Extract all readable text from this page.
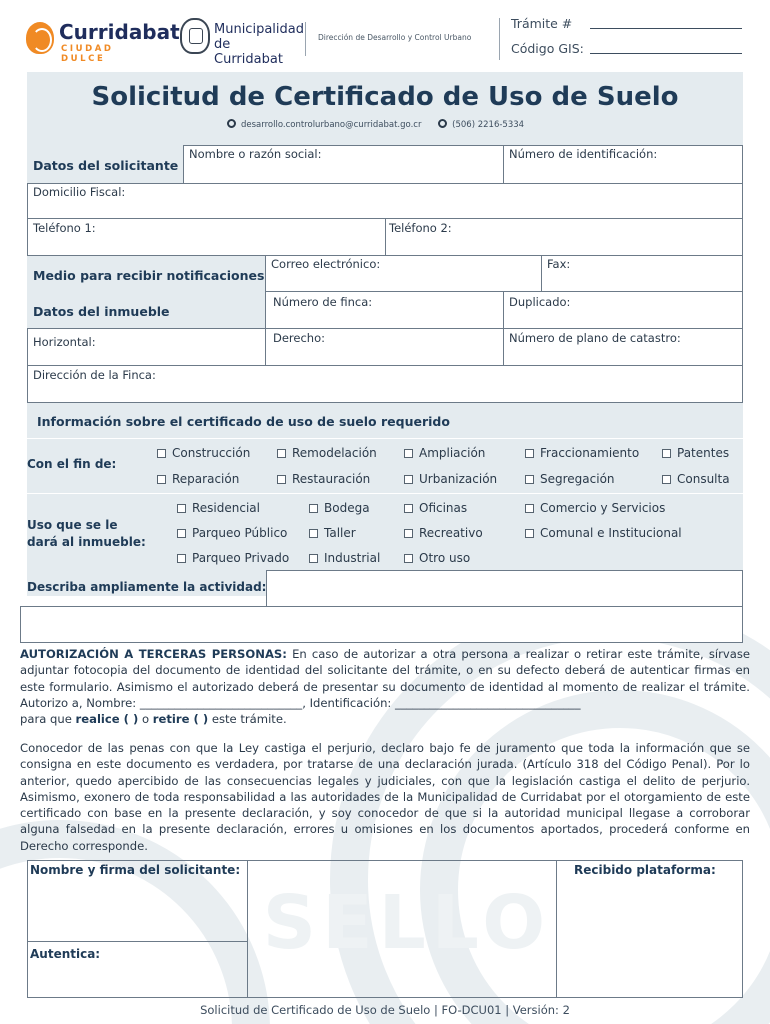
SELLO
Curridabat
CIUDAD DULCE
Municipalidad
de Curridabat
Dirección de Desarrollo y Control Urbano
Trámite #
Código GIS:
Solicitud de Certificado de Uso de Suelo
desarrollo.controlurbano@curridabat.go.cr	(506) 2216-5334
Datos del solicitante
Nombre o razón social:	Número de identificación:
Domicilio Fiscal:
Teléfono 1:	Teléfono 2:
Medio para recibir notificaciones
Correo electrónico:	Fax:
Datos del inmueble
Número de finca:	Duplicado:
Horizontal:	Derecho:	Número de plano de catastro:
Dirección de la Finca:
Información sobre el certificado de uso de suelo requerido
Con el fin de:
Construcción	Remodelación	Ampliación	Fraccionamiento	Patentes
Reparación	Restauración	Urbanización	Segregación	Consulta
Uso que se le
dará al inmueble:
Residencial	Bodega	Oficinas	Comercio y Servicios
Parqueo Público	Taller	Recreativo	Comunal e Institucional
Parqueo Privado	Industrial	Otro uso
Describa ampliamente la actividad:
AUTORIZACIÓN A TERCERAS PERSONAS: En caso de autorizar a otra persona a realizar o retirar este trámite, sírvase adjuntar fotocopia del documento de identidad del solicitante del trámite, o en su defecto deberá de autenticar firmas en este formulario. Asimismo el autorizado deberá de presentar su documento de identidad al momento de realizar el trámite. Autorizo a, Nombre: ____________________________, Identificación: ________________________________
para que realice ( ) o retire ( ) este trámite.
Conocedor de las penas con que la Ley castiga el perjurio, declaro bajo fe de juramento que toda la información que se consigna en este documento es verdadera, por tratarse de una declaración jurada. (Artículo 318 del Código Penal). Por lo anterior, quedo apercibido de las consecuencias legales y judiciales, con que la legislación castiga el delito de perjurio. Asimismo, exonero de toda responsabilidad a las autoridades de la Municipalidad de Curridabat por el otorgamiento de este certificado con base en la presente declaración, y soy conocedor de que si la autoridad municipal llegase a corroborar alguna falsedad en la presente declaración, errores u omisiones en los documentos aportados, procederá conforme en Derecho corresponde.
Nombre y firma del solicitante:	Recibido plataforma:
Autentica:
Solicitud de Certificado de Uso de Suelo | FO-DCU01 | Versión: 2
